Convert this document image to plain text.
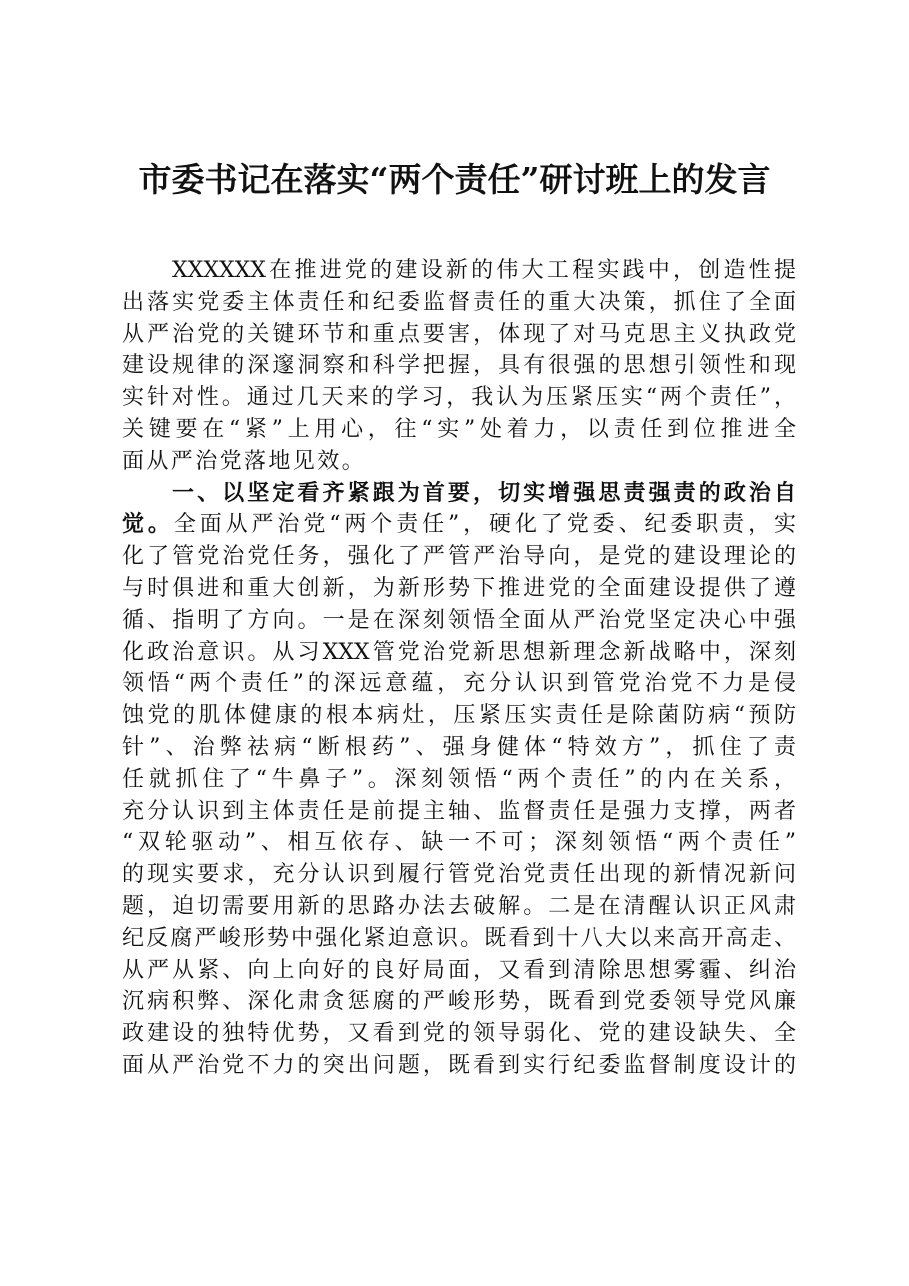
市委书记在落实“两个责任”研讨班上的发言
XXXXXX在推进党的建设新的伟大工程实践中，创造性提
出落实党委主体责任和纪委监督责任的重大决策，抓住了全面
从严治党的关键环节和重点要害，体现了对马克思主义执政党
建设规律的深邃洞察和科学把握，具有很强的思想引领性和现
实针对性。通过几天来的学习，我认为压紧压实“两个责任”，
关键要在“紧”上用心，往“实”处着力，以责任到位推进全
面从严治党落地见效。
一、以坚定看齐紧跟为首要，切实增强思责强责的政治自
觉。全面从严治党“两个责任”，硬化了党委、纪委职责，实
化了管党治党任务，强化了严管严治导向，是党的建设理论的
与时俱进和重大创新，为新形势下推进党的全面建设提供了遵
循、指明了方向。一是在深刻领悟全面从严治党坚定决心中强
化政治意识。从习XXX管党治党新思想新理念新战略中，深刻
领悟“两个责任”的深远意蕴，充分认识到管党治党不力是侵
蚀党的肌体健康的根本病灶，压紧压实责任是除菌防病“预防
针”、治弊祛病“断根药”、强身健体“特效方”，抓住了责
任就抓住了“牛鼻子”。深刻领悟“两个责任”的内在关系，
充分认识到主体责任是前提主轴、监督责任是强力支撑，两者
“双轮驱动”、相互依存、缺一不可；深刻领悟“两个责任”
的现实要求，充分认识到履行管党治党责任出现的新情况新问
题，迫切需要用新的思路办法去破解。二是在清醒认识正风肃
纪反腐严峻形势中强化紧迫意识。既看到十八大以来高开高走、
从严从紧、向上向好的良好局面，又看到清除思想雾霾、纠治
沉病积弊、深化肃贪惩腐的严峻形势，既看到党委领导党风廉
政建设的独特优势，又看到党的领导弱化、党的建设缺失、全
面从严治党不力的突出问题，既看到实行纪委监督制度设计的
